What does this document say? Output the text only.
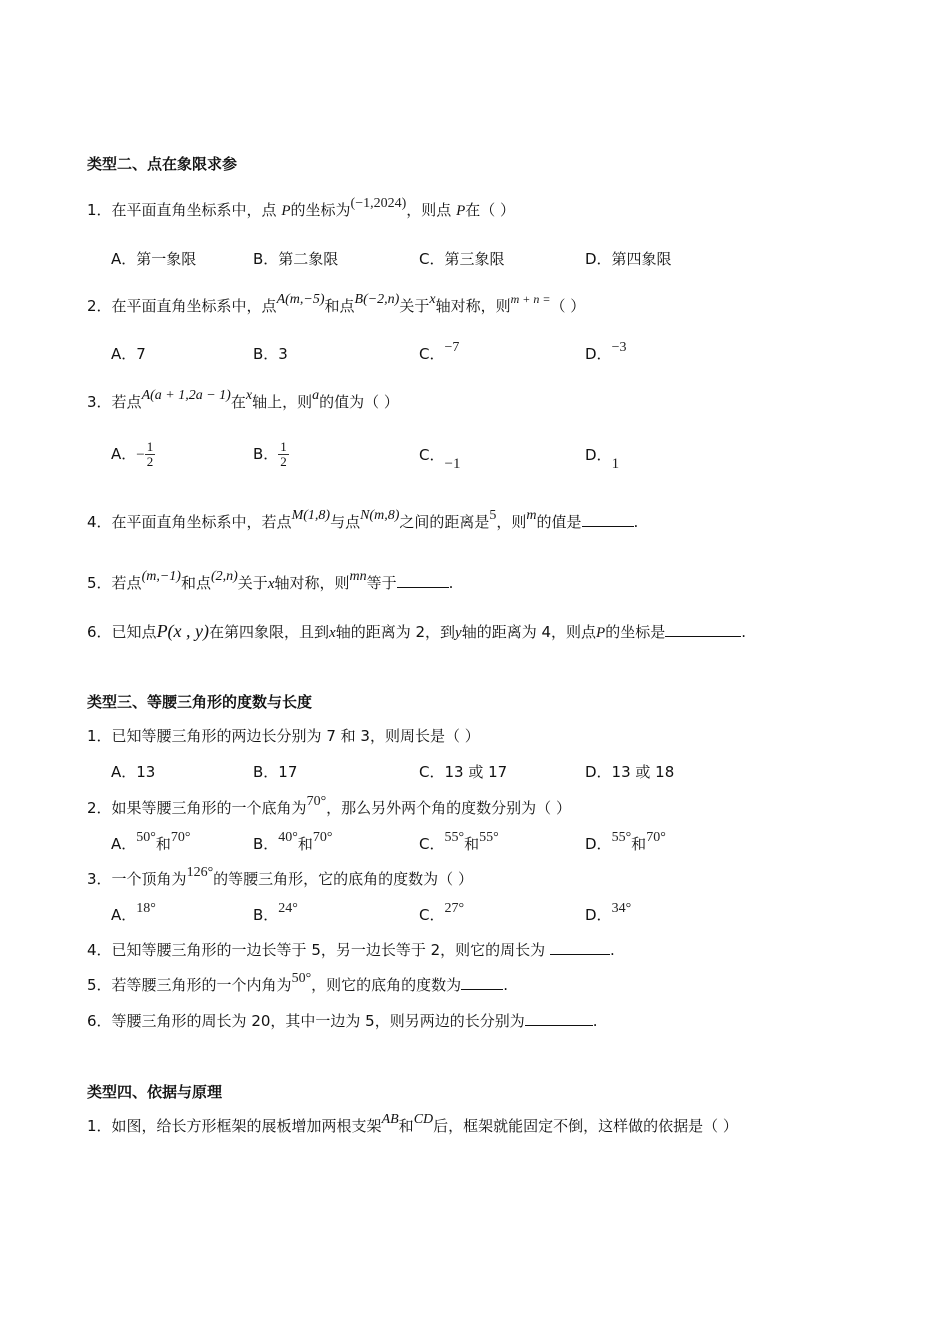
类型二、点在象限求参
1．在平面直角坐标系中，点 P的坐标为(−1,2024)，则点 P在（ ）
A．第一象限	B．第二象限	C．第三象限	D．第四象限
2．在平面直角坐标系中，点A(m,−5)和点B(−2,n)关于x轴对称，则$^{m + n =}$（ ）
A．7	B．3	C．−7	D．−3
3．若点A(a + 1,2a − 1)在x轴上，则a的值为（ ）
A．− $\frac{1}{2}$	B． $\frac{1}{2}$	C．−1	D．1
4．在平面直角坐标系中，若点M(1,8)与点N(m,8)之间的距离是5，则m的值是	.
5．若点(m,−1)和点(2,n)关于x轴对称，则mn等于	.
6．已知点P(x , y)在第四象限，且到x轴的距离为 2，到y轴的距离为 4，则点P的坐标是	.
类型三、等腰三角形的度数与长度
1．已知等腰三角形的两边长分别为 7 和 3，则周长是（ ）
A．13	B．17	C．13 或 17	D．13 或 18
2．如果等腰三角形的一个底角为70°，那么另外两个角的度数分别为（ ）
A．50°和70°	B．40°和70°	C．55°和55°	D．55°和70°
3．一个顶角为126°的等腰三角形，它的底角的度数为（ ）
A．18°	B．24°	C．27°	D．34°
4．已知等腰三角形的一边长等于 5，另一边长等于 2，则它的周长为	.
5．若等腰三角形的一个内角为50°，则它的底角的度数为	.
6．等腰三角形的周长为 20，其中一边为 5，则另两边的长分别为	.
类型四、依据与原理
1．如图，给长方形框架的展板增加两根支架AB和CD后，框架就能固定不倒，这样做的依据是（ ）
